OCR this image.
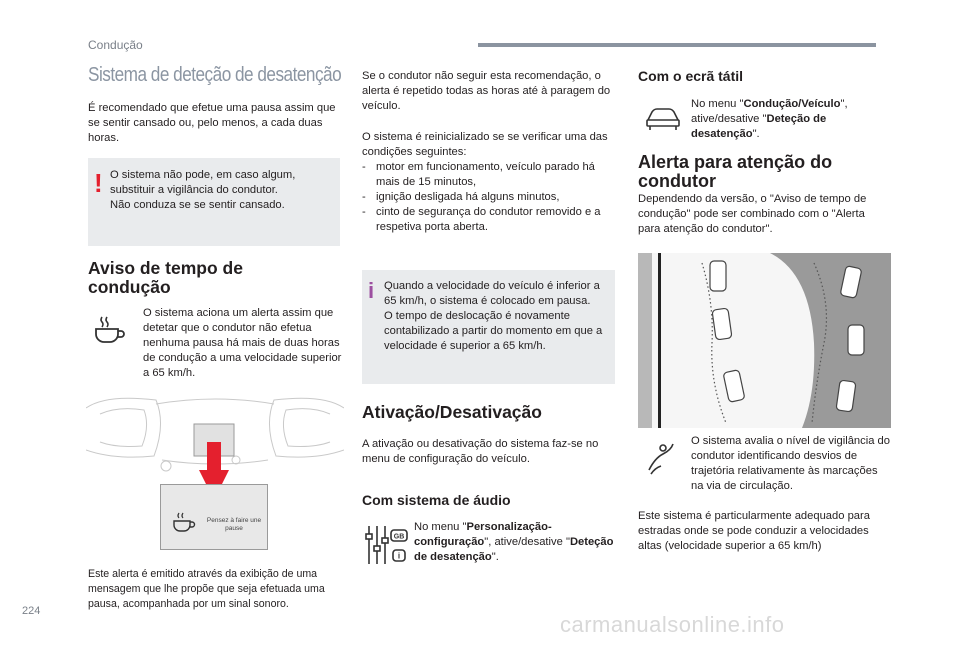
Condução
Sistema de deteção de desatenção
É recomendado que efetue uma pausa assim que se sentir cansado ou, pelo menos, a cada duas horas.
! O sistema não pode, em caso algum, substituir a vigilância do condutor.
Não conduza se se sentir cansado.
Aviso de tempo de condução
O sistema aciona um alerta assim que detetar que o condutor não efetua nenhuma pausa há mais de duas horas de condução a uma velocidade superior a 65 km/h.
Pensez à faire une pause
Este alerta é emitido através da exibição de uma mensagem que lhe propõe que seja efetuada uma pausa, acompanhada por um sinal sonoro.
Se o condutor não seguir esta recomendação, o alerta é repetido todas as horas até à paragem do veículo.
O sistema é reinicializado se se verificar uma das condições seguintes:
- motor em funcionamento, veículo parado há mais de 15 minutos,
- ignição desligada há alguns minutos,
- cinto de segurança do condutor removido e a respetiva porta aberta.
i Quando a velocidade do veículo é inferior a 65 km/h, o sistema é colocado em pausa.
O tempo de deslocação é novamente contabilizado a partir do momento em que a velocidade é superior a 65 km/h.
Ativação/Desativação
A ativação ou desativação do sistema faz-se no menu de configuração do veículo.
Com sistema de áudio
GB
i
No menu "Personalização-configuração", ative/desative "Deteção de desatenção".
Com o ecrã tátil
No menu "Condução/Veículo", ative/desative "Deteção de desatenção".
Alerta para atenção do condutor
Dependendo da versão, o "Aviso de tempo de condução" pode ser combinado com o "Alerta para atenção do condutor".
O sistema avalia o nível de vigilância do condutor identificando desvios de trajetória relativamente às marcações na via de circulação.
Este sistema é particularmente adequado para estradas onde se pode conduzir a velocidades altas (velocidade superior a 65 km/h)
224
carmanualsonline.info
